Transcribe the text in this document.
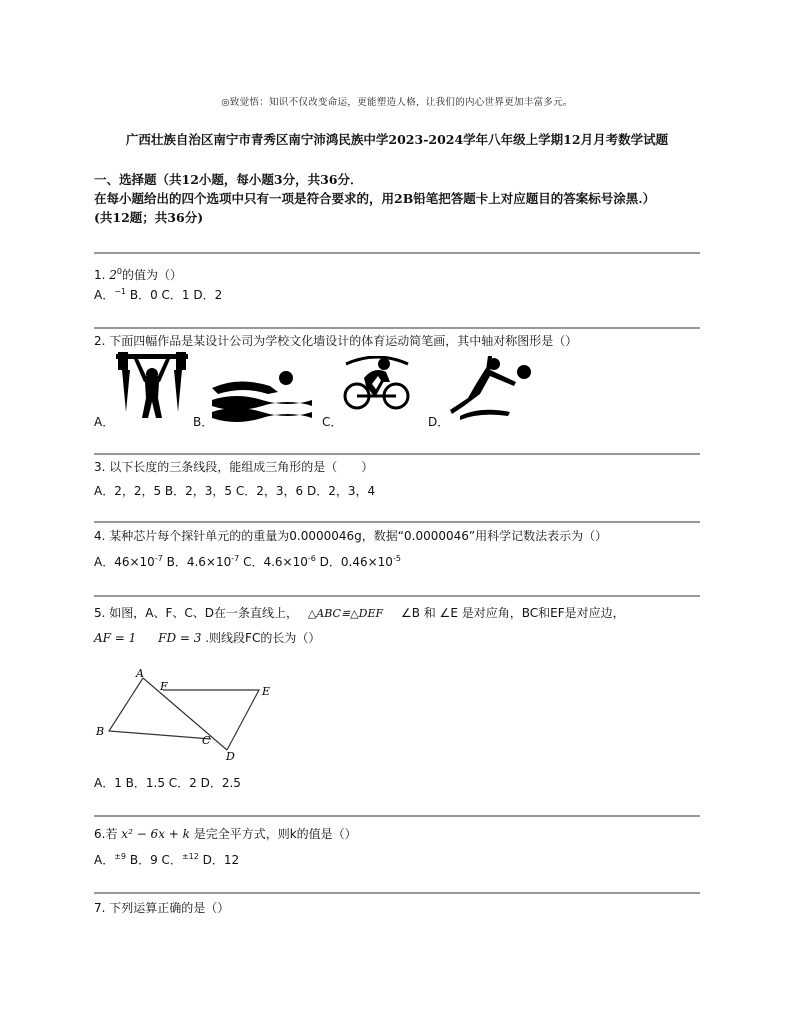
◎致觉悟：知识不仅改变命运，更能塑造人格，让我们的内心世界更加丰富多元。
广西壮族自治区南宁市青秀区南宁沛鸿民族中学2023-2024学年八年级上学期12月月考数学试题
一、选择题（共12小题，每小题3分，共36分．
在每小题给出的四个选项中只有一项是符合要求的，用2B铅笔把答题卡上对应题目的答案标号涂黑.）
(共12题；共36分)
1. $2^0$的值为（）
A．$^{-1}$ B．0 C．1 D．2
2. 下面四幅作品是某设计公司为学校文化墙设计的体育运动简笔画，其中轴对称图形是（）
A．	B．	C．	D．
3. 以下长度的三条线段，能组成三角形的是（　　）
A．2，2，5 B．2，3，5 C．2，3，6 D．2，3，4
4. 某种芯片每个探针单元的的重量为0.0000046g，数据“0.0000046”用科学记数法表示为（）
A．$46\times 10^{-7}$ B．$4.6\times 10^{-7}$ C．$4.6\times 10^{-6}$ D．$0.46\times 10^{-5}$
5. 如图，A、F、C、D在一条直线上， △ABC≌△DEF ∠B 和 ∠E 是对应角，BC和EF是对应边，
AF = 1 FD = 3 .则线段FC的长为（）
A
F	E
B
C
D
A．1 B．1.5 C．2 D．2.5
6.若 x² − 6x + k 是完全平方式，则k的值是（）
A．$^{\pm 9}$ B．9 C．$^{\pm 12}$ D．12
7. 下列运算正确的是（）
